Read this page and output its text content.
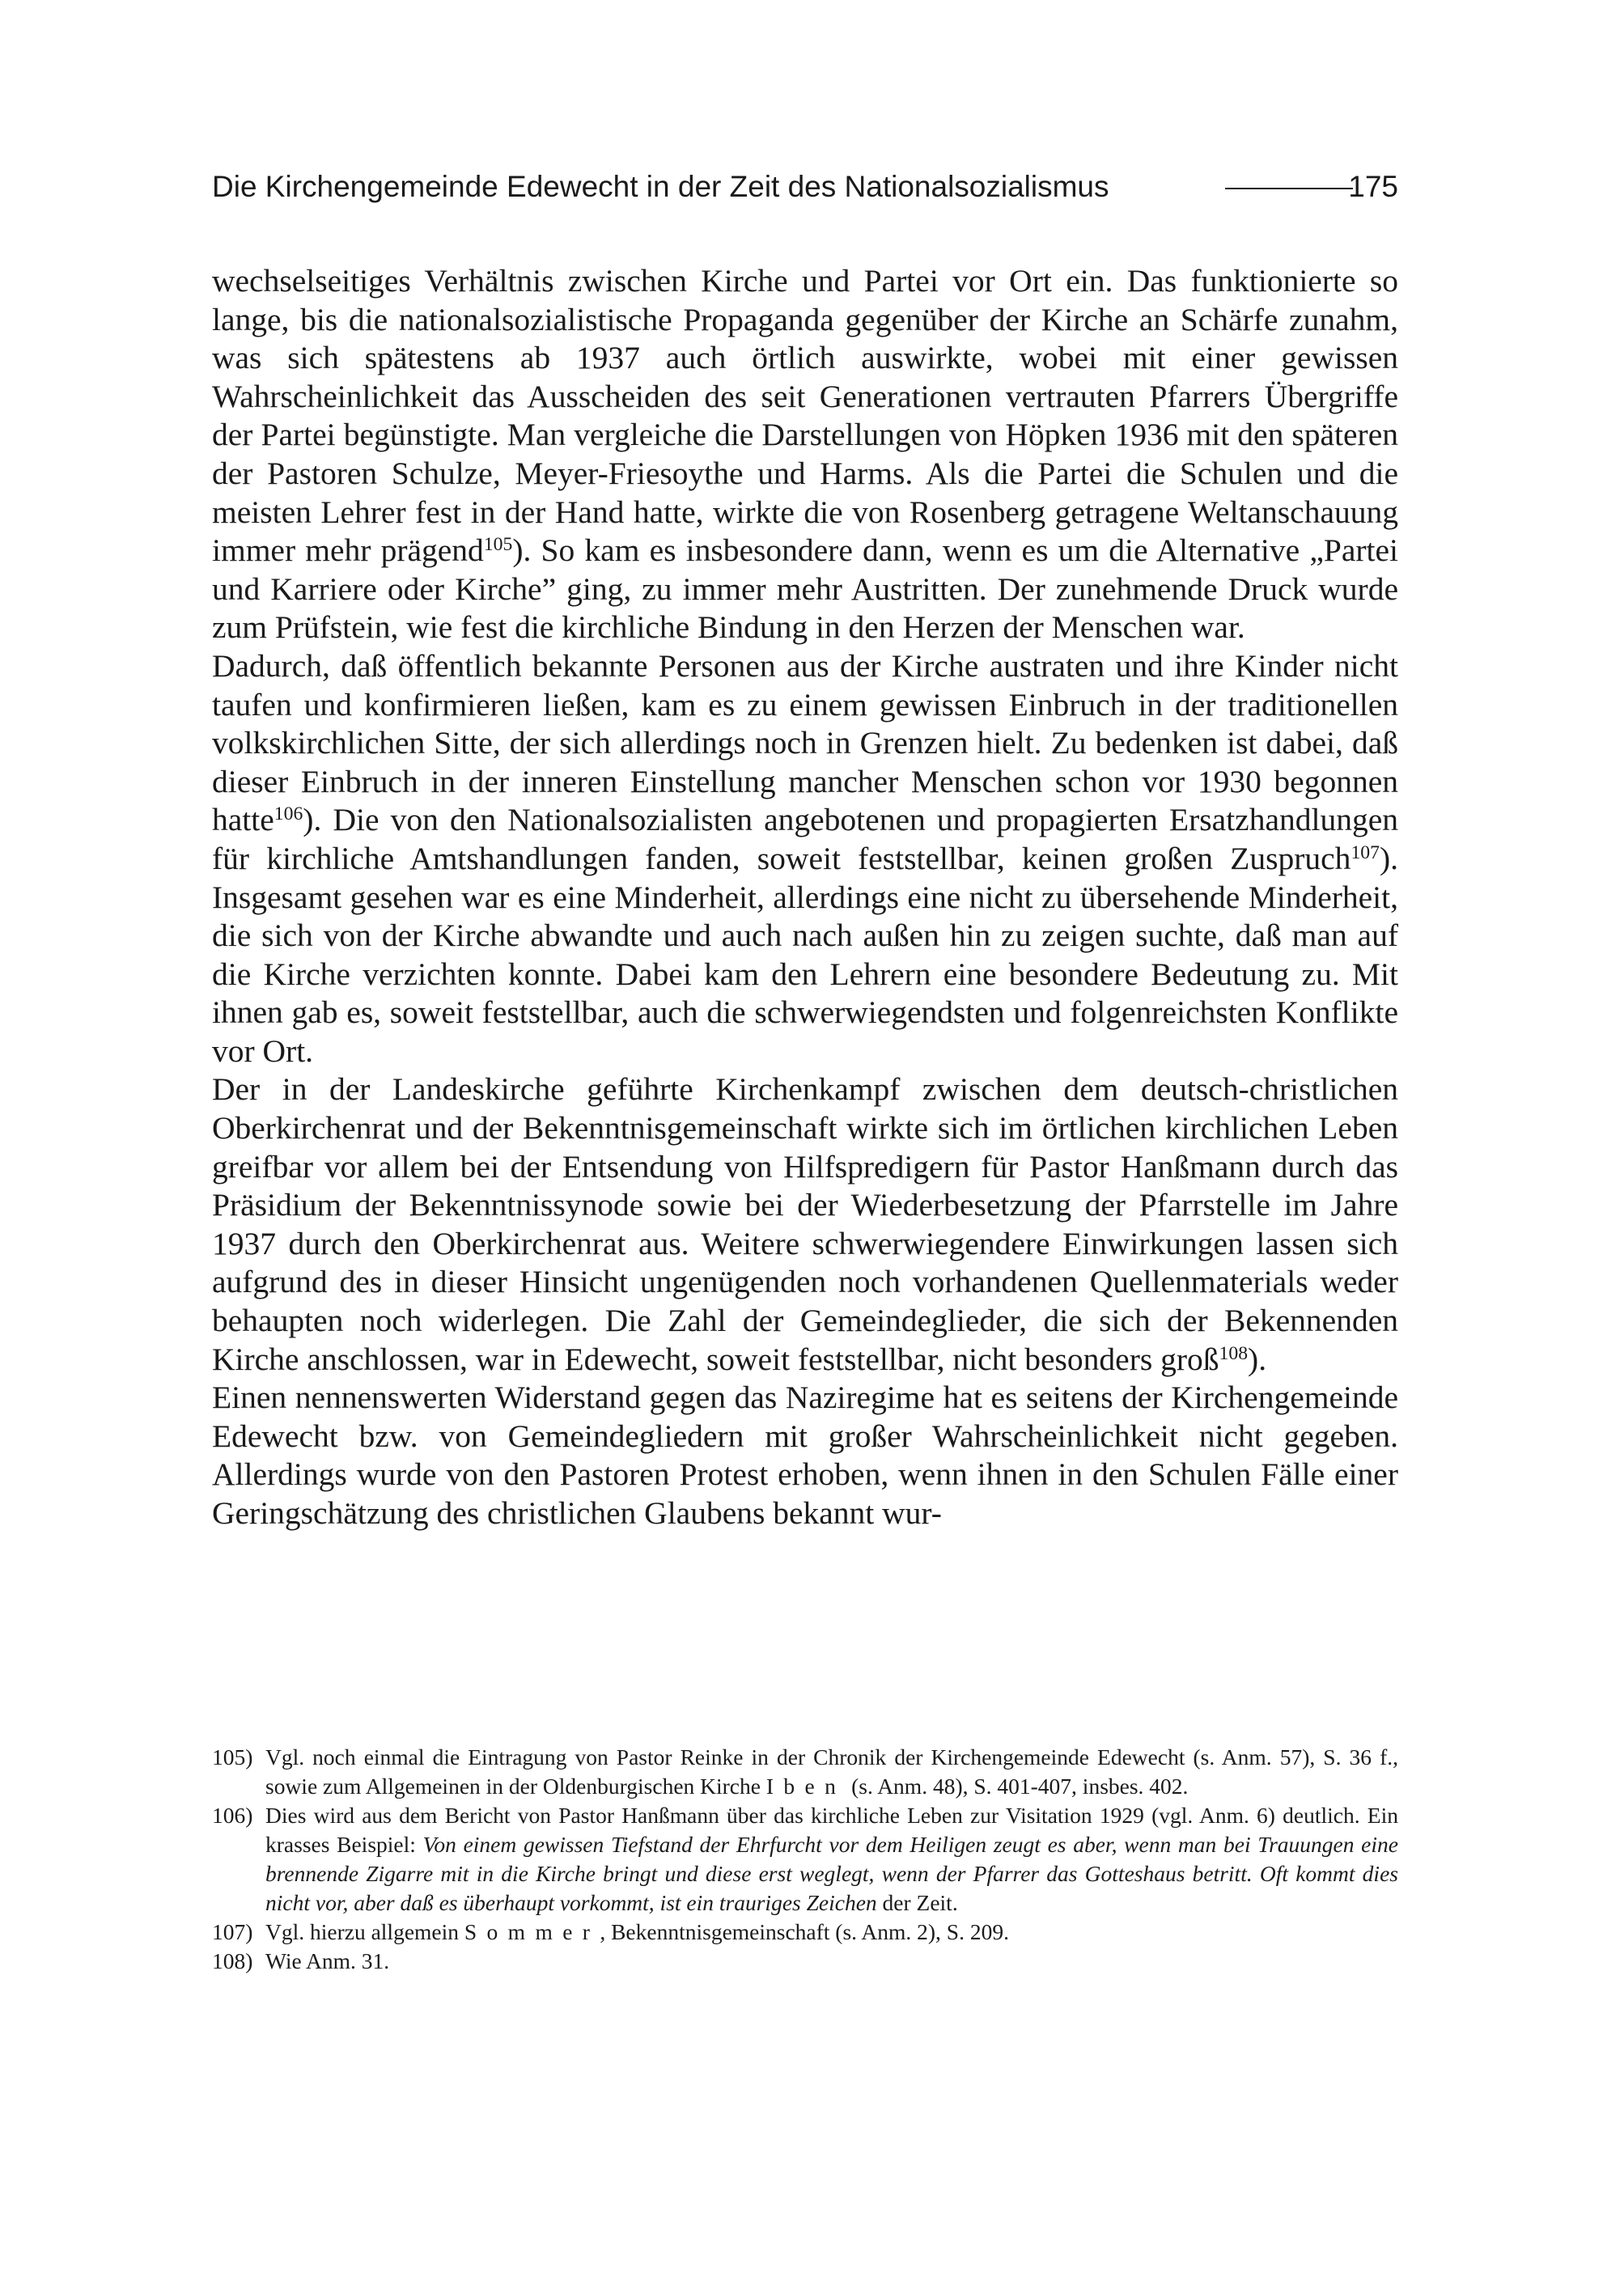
Die Kirchengemeinde Edewecht in der Zeit des Nationalsozialismus	175

wechselseitiges Verhältnis zwischen Kirche und Partei vor Ort ein. Das funktionierte so lange, bis die nationalsozialistische Propaganda gegenüber der Kirche an Schärfe zunahm, was sich spätestens ab 1937 auch örtlich auswirkte, wobei mit einer gewissen Wahrscheinlichkeit das Ausscheiden des seit Generationen vertrauten Pfarrers Übergriffe der Partei begünstigte. Man vergleiche die Darstellungen von Höpken 1936 mit den späteren der Pastoren Schulze, Meyer-Friesoythe und Harms. Als die Partei die Schulen und die meisten Lehrer fest in der Hand hatte, wirkte die von Rosenberg getragene Weltanschauung immer mehr prägend$^{105}$). So kam es insbesondere dann, wenn es um die Alternative „Partei und Karriere oder Kirche” ging, zu immer mehr Austritten. Der zunehmende Druck wurde zum Prüfstein, wie fest die kirchliche Bindung in den Herzen der Menschen war.

Dadurch, daß öffentlich bekannte Personen aus der Kirche austraten und ihre Kinder nicht taufen und konfirmieren ließen, kam es zu einem gewissen Einbruch in der traditionellen volkskirchlichen Sitte, der sich allerdings noch in Grenzen hielt. Zu bedenken ist dabei, daß dieser Einbruch in der inneren Einstellung mancher Menschen schon vor 1930 begonnen hatte$^{106}$). Die von den Nationalsozialisten angebotenen und propagierten Ersatzhandlungen für kirchliche Amtshandlungen fanden, soweit feststellbar, keinen großen Zuspruch$^{107}$). Insgesamt gesehen war es eine Minderheit, allerdings eine nicht zu übersehende Minderheit, die sich von der Kirche abwandte und auch nach außen hin zu zeigen suchte, daß man auf die Kirche verzichten konnte. Dabei kam den Lehrern eine besondere Bedeutung zu. Mit ihnen gab es, soweit feststellbar, auch die schwerwiegendsten und folgenreichsten Konflikte vor Ort.

Der in der Landeskirche geführte Kirchenkampf zwischen dem deutsch-christlichen Oberkirchenrat und der Bekenntnisgemeinschaft wirkte sich im örtlichen kirchlichen Leben greifbar vor allem bei der Entsendung von Hilfspredigern für Pastor Hanßmann durch das Präsidium der Bekenntnissynode sowie bei der Wiederbesetzung der Pfarrstelle im Jahre 1937 durch den Oberkirchenrat aus. Weitere schwerwiegendere Einwirkungen lassen sich aufgrund des in dieser Hinsicht ungenügenden noch vorhandenen Quellenmaterials weder behaupten noch widerlegen. Die Zahl der Gemeindeglieder, die sich der Bekennenden Kirche anschlossen, war in Edewecht, soweit feststellbar, nicht besonders groß$^{108}$).

Einen nennenswerten Widerstand gegen das Naziregime hat es seitens der Kirchengemeinde Edewecht bzw. von Gemeindegliedern mit großer Wahrscheinlichkeit nicht gegeben. Allerdings wurde von den Pastoren Protest erhoben, wenn ihnen in den Schulen Fälle einer Geringschätzung des christlichen Glaubens bekannt wur-

105) Vgl. noch einmal die Eintragung von Pastor Reinke in der Chronik der Kirchengemeinde Edewecht (s. Anm. 57), S. 36 f., sowie zum Allgemeinen in der Oldenburgischen Kirche Iben (s. Anm. 48), S. 401-407, insbes. 402.
106) Dies wird aus dem Bericht von Pastor Hanßmann über das kirchliche Leben zur Visitation 1929 (vgl. Anm. 6) deutlich. Ein krasses Beispiel: Von einem gewissen Tiefstand der Ehrfurcht vor dem Heiligen zeugt es aber, wenn man bei Trauungen eine brennende Zigarre mit in die Kirche bringt und diese erst weglegt, wenn der Pfarrer das Gotteshaus betritt. Oft kommt dies nicht vor, aber daß es überhaupt vorkommt, ist ein trauriges Zeichen der Zeit.
107) Vgl. hierzu allgemein Sommer, Bekenntnisgemeinschaft (s. Anm. 2), S. 209.
108) Wie Anm. 31.
